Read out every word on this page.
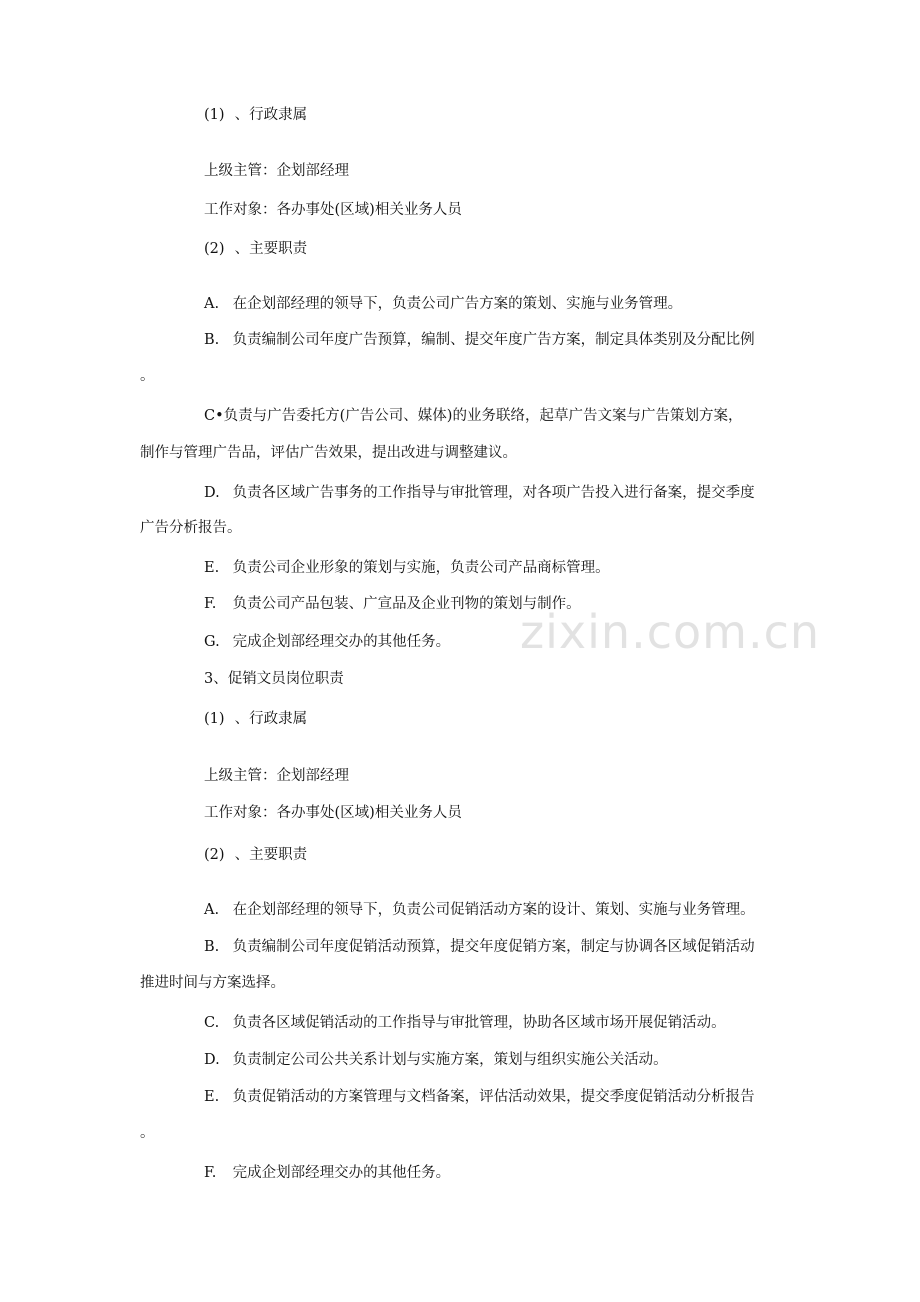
zixin.com.cn
(1) 、行政隶属
上级主管：企划部经理
工作对象：各办事处(区域)相关业务人员
(2) 、主要职责
A. 在企划部经理的领导下，负责公司广告方案的策划、实施与业务管理。
B. 负责编制公司年度广告预算，编制、提交年度广告方案，制定具体类别及分配比例
。
C•负责与广告委托方(广告公司、媒体)的业务联络，起草广告文案与广告策划方案，
制作与管理广告品，评估广告效果，提出改进与调整建议。
D. 负责各区域广告事务的工作指导与审批管理，对各项广告投入进行备案，提交季度
广告分析报告。
E. 负责公司企业形象的策划与实施，负责公司产品商标管理。
F. 负责公司产品包装、广宣品及企业刊物的策划与制作。
G. 完成企划部经理交办的其他任务。
3、促销文员岗位职责
(1) 、行政隶属
上级主管：企划部经理
工作对象：各办事处(区域)相关业务人员
(2) 、主要职责
A. 在企划部经理的领导下，负责公司促销活动方案的设计、策划、实施与业务管理。
B. 负责编制公司年度促销活动预算，提交年度促销方案，制定与协调各区域促销活动
推进时间与方案选择。
C. 负责各区域促销活动的工作指导与审批管理，协助各区域市场开展促销活动。
D. 负责制定公司公共关系计划与实施方案，策划与组织实施公关活动。
E. 负责促销活动的方案管理与文档备案，评估活动效果，提交季度促销活动分析报告
。
F. 完成企划部经理交办的其他任务。
